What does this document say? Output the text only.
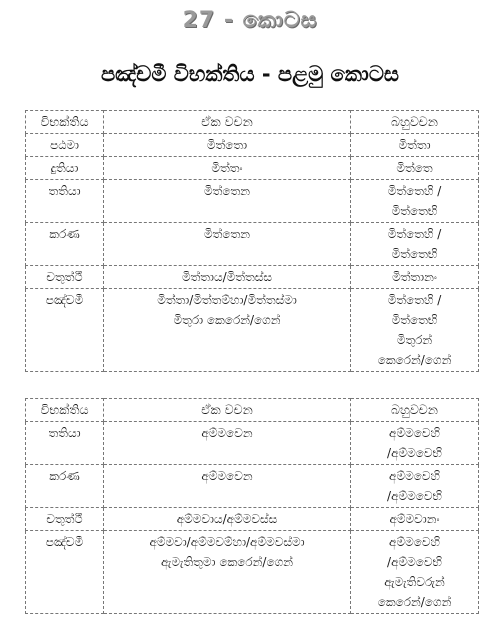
27 - කොටස
පඤ්චමී විභක්තිය - පළමු කොටස
විභක්තිය	ඒක වචන	බහුවචන
පඨමා	මිත්තො	මිත්තා

දුතියා	මිත්තං	මිත්තෙ

තතියා	මිත්තෙන	මිත්තෙහි /
මිත්තෙභි

කරණ	මිත්තෙන	මිත්තෙහි /
මිත්තෙභි

චතුත්ථී	මිත්තාය/මිත්තස්ස	මිත්තානං

පඤ්චමී	මිත්තා/මිත්තම්හා/මිත්තස්මා
මිතුරා කෙරෙන්/ගෙන්	මිත්තෙහි /
මිත්තෙභි
මිතුරන්
කෙරෙන්/ගෙන්
විභක්තිය	ඒක වචන	බහුවචන
තතියා	අම්මවෙන	අම්මවෙහි
/අම්මවෙභි

කරණ	අම්මවෙන	අම්මවෙහි
/අම්මවෙභි

චතුත්ථී	අම්මවාය/අම්මවස්ස	අම්මවානං

පඤ්චමී	අම්මවා/අම්මවම්හා/අම්මවස්මා
ඇමැතිතුමා කෙරෙන්/ගෙන්	අම්මවෙහි
/අම්මවෙභි
ඇමැතිවරුන්
කෙරෙන්/ගෙන්
